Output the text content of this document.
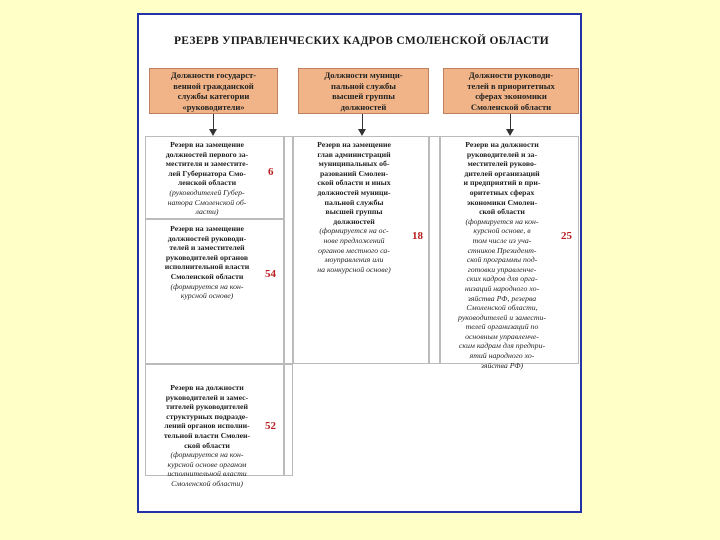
РЕЗЕРВ УПРАВЛЕНЧЕСКИХ КАДРОВ СМОЛЕНСКОЙ ОБЛАСТИ
Должности государст-
венной гражданской
службы категории
«руководители»
Должности муници-
пальной службы
высшей группы
должностей
Должности руководи-
телей в приоритетных
сферах экономики
Смоленской области
Резерв на замещение
должностей первого за-
местителя и заместите-
лей Губернатора Смо-
ленской области
(руководителей Губер-
натора Смоленской об-
ласти)
6
Резерв на замещение
должностей руководи-
телей и заместителей
руководителей органов
исполнительной власти
Смоленской области
(формируется на кон-
курсной основе)
54
Резерв на должности
руководителей и замес-
тителей руководителей
структурных подразде-
лений органов исполни-
тельной власти Смолен-
ской области
(формируется на кон-
курсной основе органом
исполнительной власти
Смоленской области)
52
Резерв на замещение
глав администраций
муниципальных об-
разований Смолен-
ской области и иных
должностей муници-
пальной службы
высшей группы
должностей
(формируется на ос-
нове предложений
органов местного са-
моуправления или
на конкурсной основе)
18
Резерв на должности
руководителей и за-
местителей руково-
дителей организаций
и предприятий в при-
оритетных сферах
экономики Смолен-
ской области
(формируется на кон-
курсной основе, в
том числе из уча-
стников Президент-
ской программы под-
готовки управленче-
ских кадров для орга-
низаций народного хо-
зяйства РФ, резерва
Смоленской области,
руководителей и замести-
телей организаций по
основным управленче-
ским кадрам для предпри-
ятий народного хо-
зяйства РФ)
25
